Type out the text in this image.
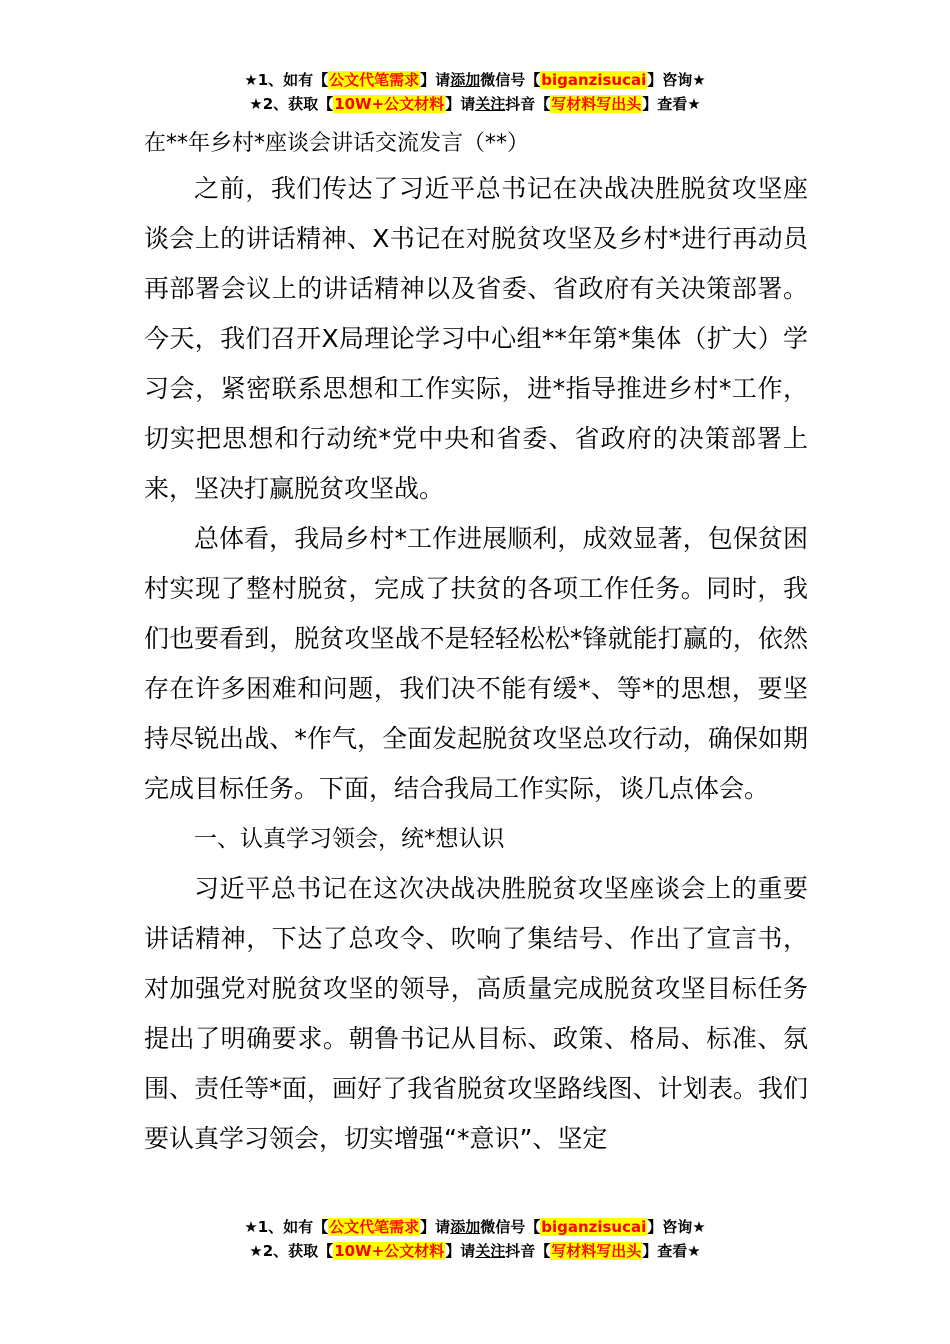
★1、如有【公文代笔需求】请添加微信号【biganzisucai】咨询★
★2、获取【10W+公文材料】请关注抖音【写材料写出头】查看★

在**年乡村*座谈会讲话交流发言（**）

之前，我们传达了习近平总书记在决战决胜脱贫攻坚座谈会上的讲话精神、X书记在对脱贫攻坚及乡村*进行再动员再部署会议上的讲话精神以及省委、省政府有关决策部署。今天，我们召开X局理论学习中心组**年第*集体（扩大）学习会，紧密联系思想和工作实际，进*指导推进乡村*工作，切实把思想和行动统*党中央和省委、省政府的决策部署上来，坚决打赢脱贫攻坚战。

总体看，我局乡村*工作进展顺利，成效显著，包保贫困村实现了整村脱贫，完成了扶贫的各项工作任务。同时，我们也要看到，脱贫攻坚战不是轻轻松松*锋就能打赢的，依然存在许多困难和问题，我们决不能有缓*、等*的思想，要坚持尽锐出战、*作气，全面发起脱贫攻坚总攻行动，确保如期完成目标任务。下面，结合我局工作实际，谈几点体会。

一、认真学习领会，统*想认识

习近平总书记在这次决战决胜脱贫攻坚座谈会上的重要讲话精神，下达了总攻令、吹响了集结号、作出了宣言书，对加强党对脱贫攻坚的领导，高质量完成脱贫攻坚目标任务提出了明确要求。朝鲁书记从目标、政策、格局、标准、氛围、责任等*面，画好了我省脱贫攻坚路线图、计划表。我们要认真学习领会，切实增强“*意识”、坚定

★1、如有【公文代笔需求】请添加微信号【biganzisucai】咨询★
★2、获取【10W+公文材料】请关注抖音【写材料写出头】查看★
